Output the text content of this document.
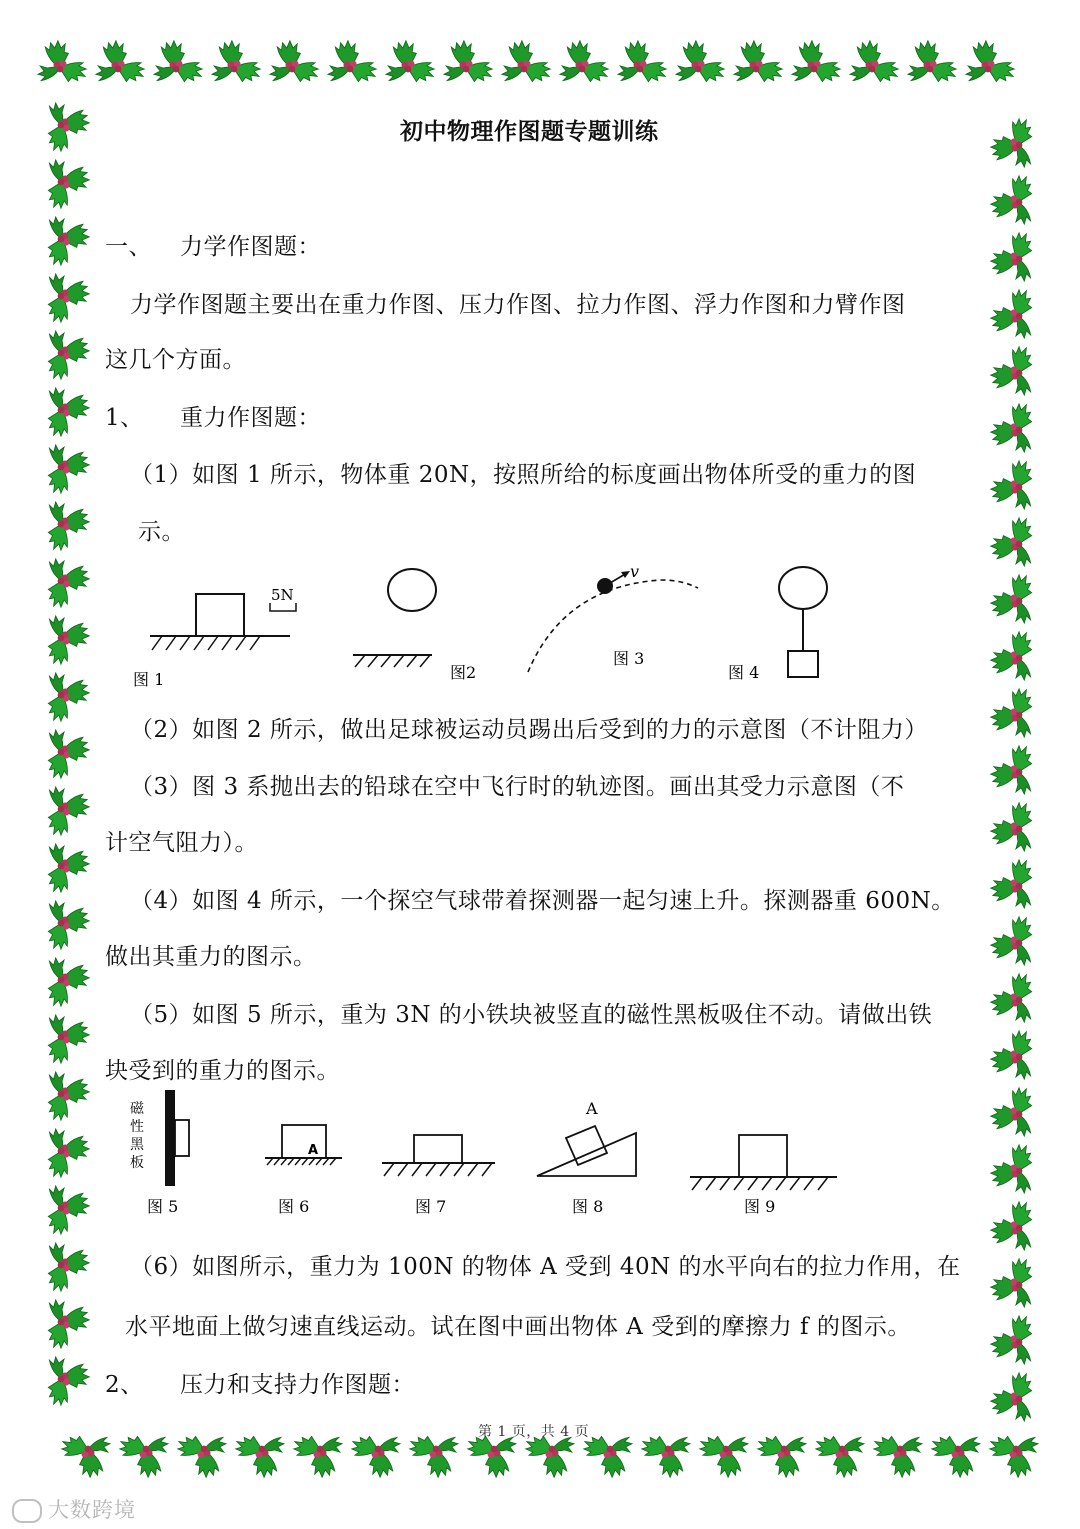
初中物理作图题专题训练
一、 力学作图题：
力学作图题主要出在重力作图、压力作图、拉力作图、浮力作图和力臂作图
这几个方面。
1、 重力作图题：
（1）如图 1 所示，物体重 20N，按照所给的标度画出物体所受的重力的图
示。
5N
图 1	图2
v
图 3
图 4
（2）如图 2 所示，做出足球被运动员踢出后受到的力的示意图（不计阻力）
（3）图 3 系抛出去的铅球在空中飞行时的轨迹图。画出其受力示意图（不
计空气阻力）。
（4）如图 4 所示，一个探空气球带着探测器一起匀速上升。探测器重 600N。
做出其重力的图示。
（5）如图 5 所示，重为 3N 的小铁块被竖直的磁性黑板吸住不动。请做出铁
块受到的重力的图示。
磁
性
黑
板
图 5
A
图 6	图 7
A
图 8	图 9
（6）如图所示，重力为 100N 的物体 A 受到 40N 的水平向右的拉力作用，在
水平地面上做匀速直线运动。试在图中画出物体 A 受到的摩擦力 f 的图示。
2、 压力和支持力作图题：
第 1 页，共 4 页
大数跨境
